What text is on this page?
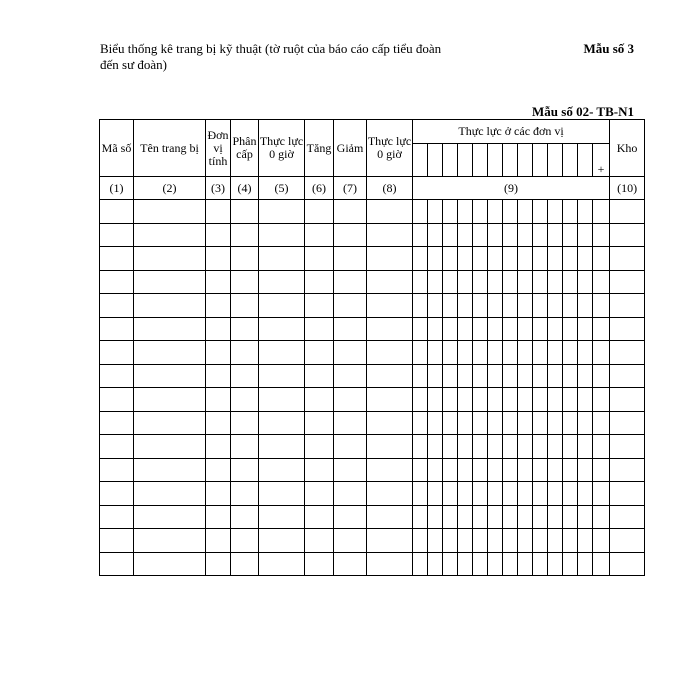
Biểu thống kê trang bị kỹ thuật (tờ ruột của báo cáo cấp tiểu đoàn đến sư đoàn)
Mẫu số 3
Mẫu số 02- TB-N1
Mã số	Tên trang bị	Đơn vị tính	Phân cấp	Thực lực 0 giờ	Tăng	Giảm	Thực lực 0 giờ	Thực lực ở các đơn vị													Kho
																				+	
(1)	(2)	(3)	(4)	(5)	(6)	(7)	(8)	(9)													(10)
